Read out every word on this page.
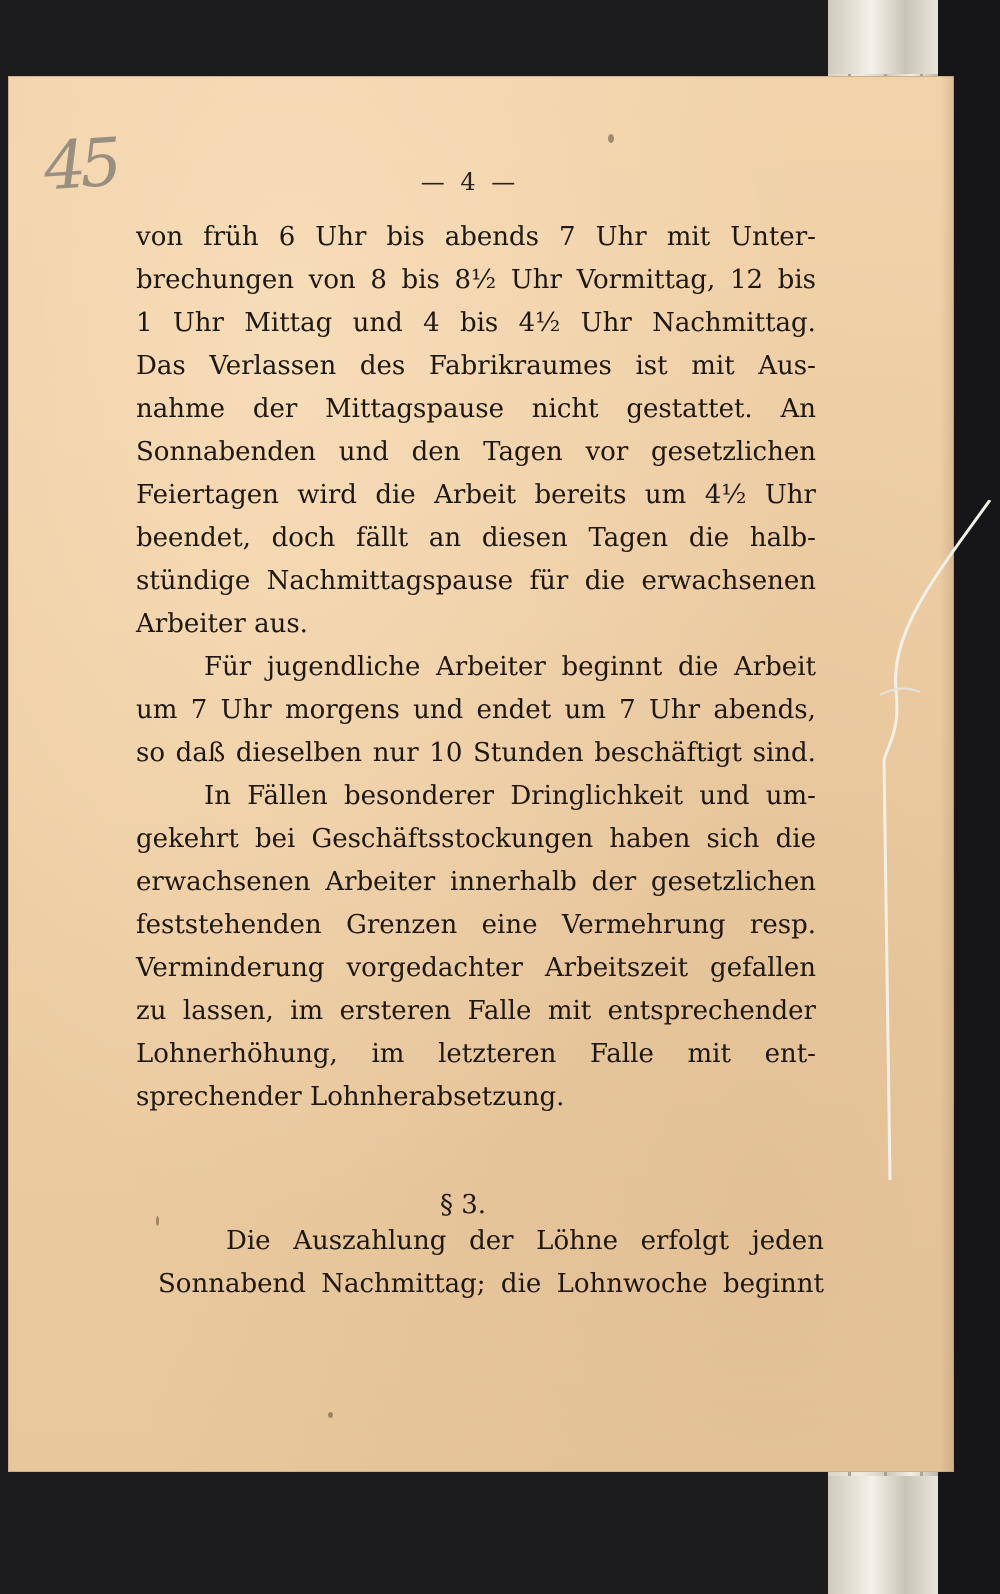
45	— 4 —
von früh 6 Uhr bis abends 7 Uhr mit Unter-
brechungen von 8 bis 8½ Uhr Vormittag, 12 bis
1 Uhr Mittag und 4 bis 4½ Uhr Nachmittag.
Das Verlassen des Fabrikraumes ist mit Aus-
nahme der Mittagspause nicht gestattet. An
Sonnabenden und den Tagen vor gesetzlichen
Feiertagen wird die Arbeit bereits um 4½ Uhr
beendet, doch fällt an diesen Tagen die halb-
stündige Nachmittagspause für die erwachsenen
Arbeiter aus.
Für jugendliche Arbeiter beginnt die Arbeit
um 7 Uhr morgens und endet um 7 Uhr abends,
so daß dieselben nur 10 Stunden beschäftigt sind.
In Fällen besonderer Dringlichkeit und um-
gekehrt bei Geschäftsstockungen haben sich die
erwachsenen Arbeiter innerhalb der gesetzlichen
feststehenden Grenzen eine Vermehrung resp.
Verminderung vorgedachter Arbeitszeit gefallen
zu lassen, im ersteren Falle mit entsprechender
Lohnerhöhung, im letzteren Falle mit ent-
sprechender Lohnherabsetzung.
§ 3.
Die Auszahlung der Löhne erfolgt jeden
Sonnabend Nachmittag; die Lohnwoche beginnt
